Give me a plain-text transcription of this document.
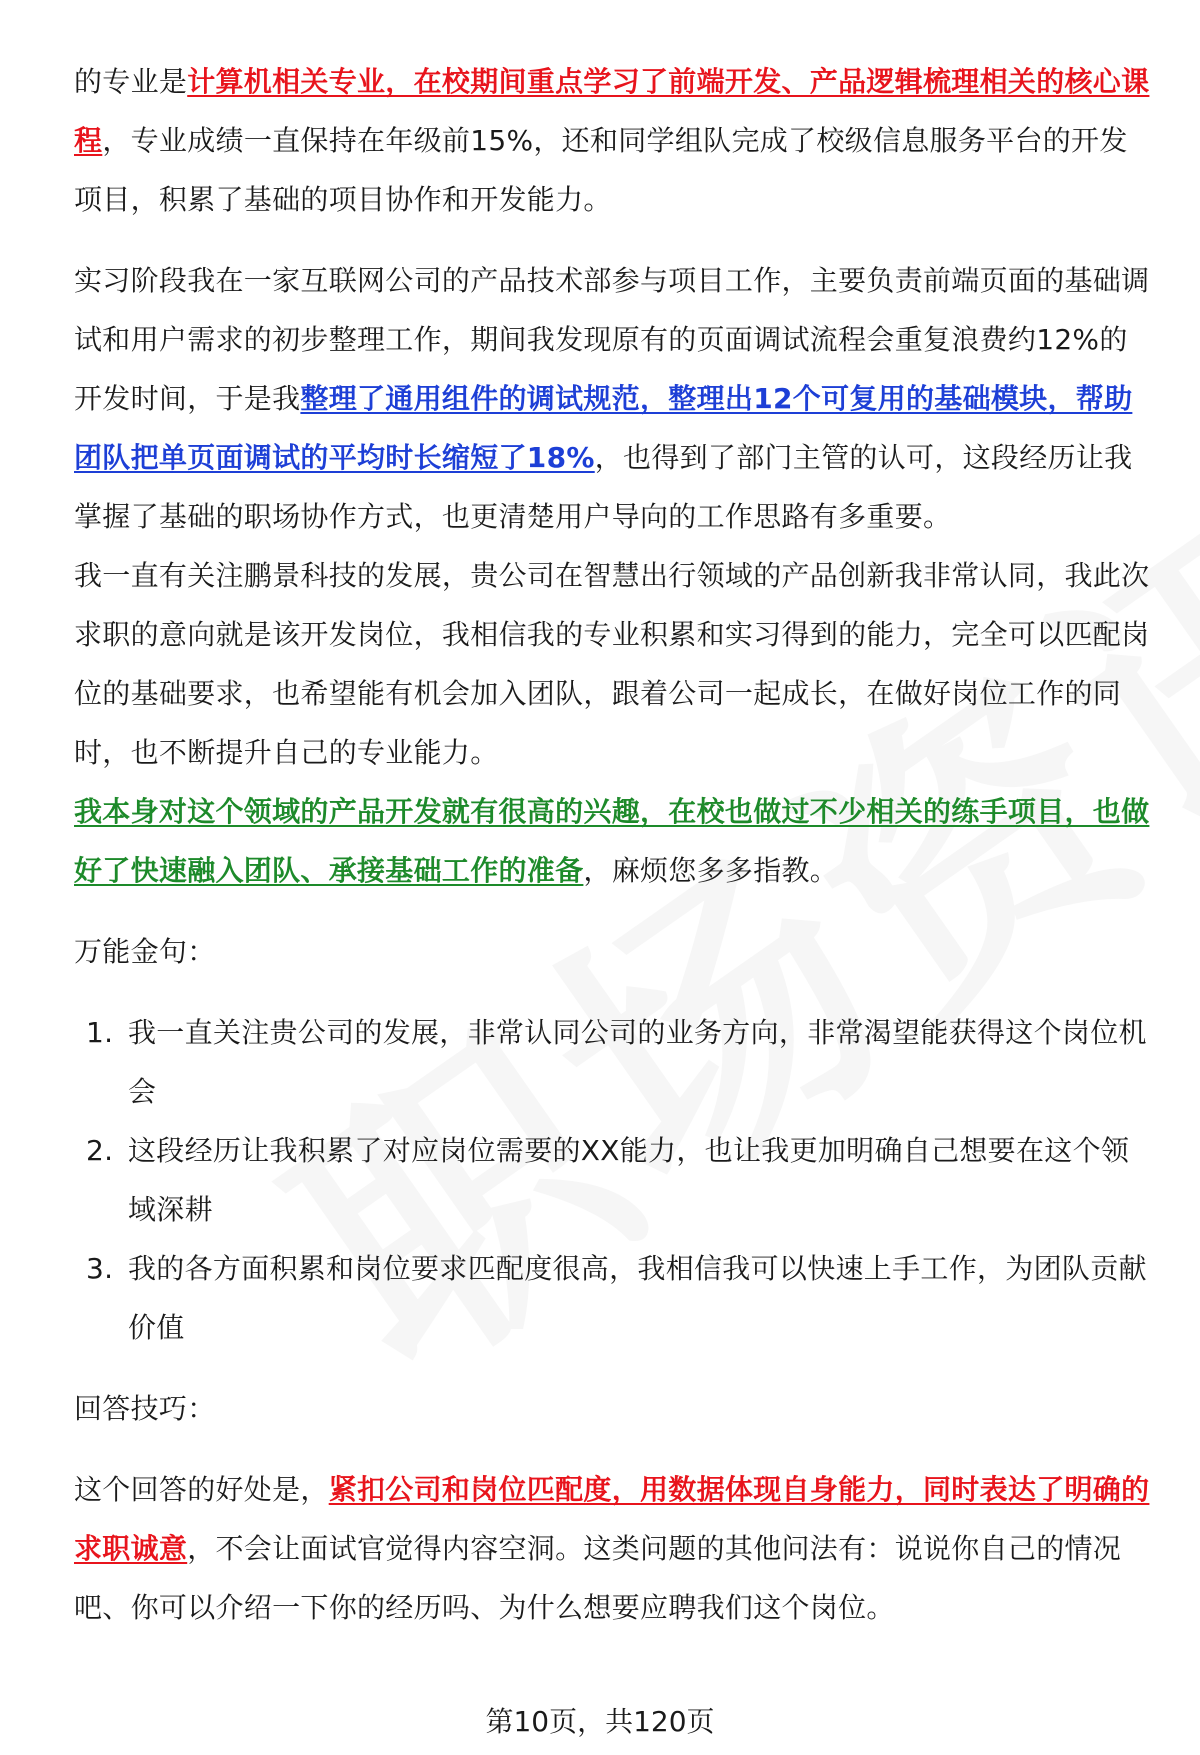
的专业是计算机相关专业，在校期间重点学习了前端开发、产品逻辑梳理相关的核心课程，专业成绩一直保持在年级前15%，还和同学组队完成了校级信息服务平台的开发项目，积累了基础的项目协作和开发能力。

实习阶段我在一家互联网公司的产品技术部参与项目工作，主要负责前端页面的基础调试和用户需求的初步整理工作，期间我发现原有的页面调试流程会重复浪费约12%的开发时间，于是我整理了通用组件的调试规范，整理出12个可复用的基础模块，帮助团队把单页面调试的平均时长缩短了18%，也得到了部门主管的认可，这段经历让我掌握了基础的职场协作方式，也更清楚用户导向的工作思路有多重要。

我一直有关注鹏景科技的发展，贵公司在智慧出行领域的产品创新我非常认同，我此次求职的意向就是该开发岗位，我相信我的专业积累和实习得到的能力，完全可以匹配岗位的基础要求，也希望能有机会加入团队，跟着公司一起成长，在做好岗位工作的同时，也不断提升自己的专业能力。

我本身对这个领域的产品开发就有很高的兴趣，在校也做过不少相关的练手项目，也做好了快速融入团队、承接基础工作的准备，麻烦您多多指教。

万能金句：

1. 我一直关注贵公司的发展，非常认同公司的业务方向，非常渴望能获得这个岗位机会
2. 这段经历让我积累了对应岗位需要的XX能力，也让我更加明确自己想要在这个领域深耕
3. 我的各方面积累和岗位要求匹配度很高，我相信我可以快速上手工作，为团队贡献价值

回答技巧：

这个回答的好处是，紧扣公司和岗位匹配度，用数据体现自身能力，同时表达了明确的求职诚意，不会让面试官觉得内容空洞。这类问题的其他问法有：说说你自己的情况吧、你可以介绍一下你的经历吗、为什么想要应聘我们这个岗位。

第10页，共120页
